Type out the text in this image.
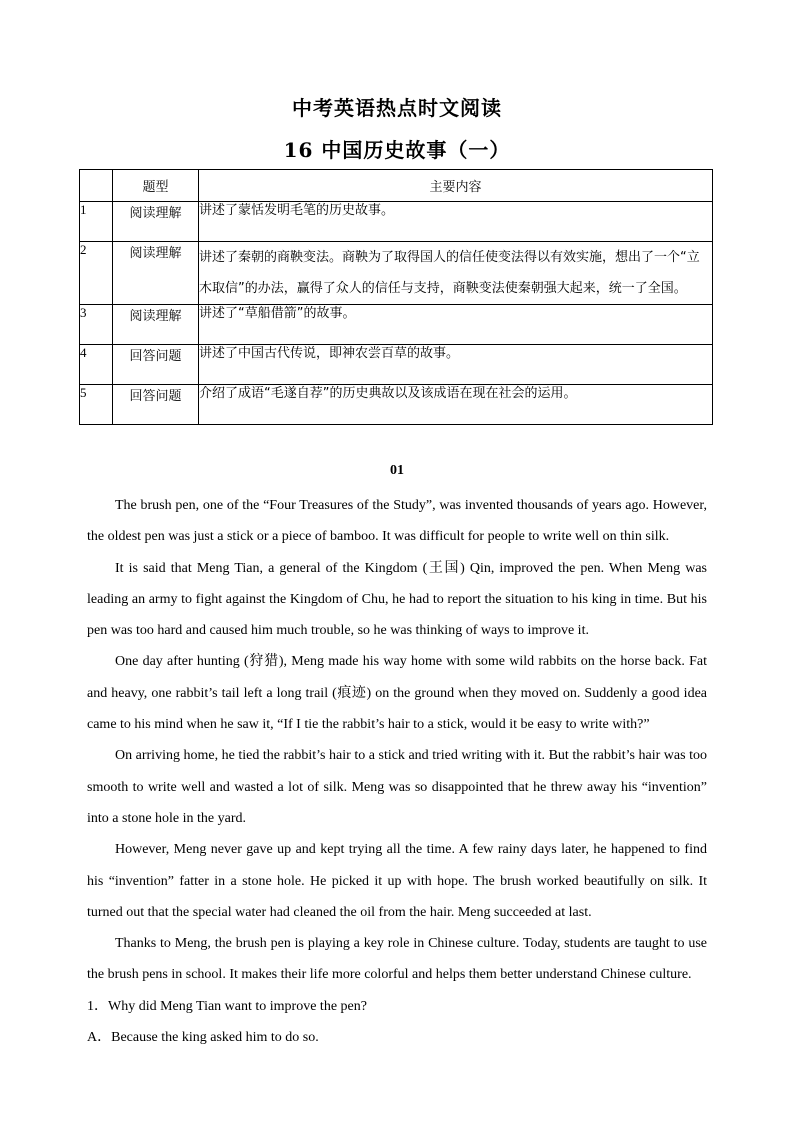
中考英语热点时文阅读
16 中国历史故事（一）
	题型	主要内容
1	阅读理解	讲述了蒙恬发明毛笔的历史故事。
2	阅读理解	讲述了秦朝的商鞅变法。商鞅为了取得国人的信任使变法得以有效实施，想出了一个“立木取信”的办法，赢得了众人的信任与支持，商鞅变法使秦朝强大起来，统一了全国。
3	阅读理解	讲述了“草船借箭”的故事。
4	回答问题	讲述了中国古代传说，即神农尝百草的故事。
5	回答问题	介绍了成语“毛遂自荐”的历史典故以及该成语在现在社会的运用。
01

The brush pen, one of the “Four Treasures of the Study”, was invented thousands of years ago. However, the oldest pen was just a stick or a piece of bamboo. It was difficult for people to write well on thin silk.

It is said that Meng Tian, a general of the Kingdom (王国) Qin, improved the pen. When Meng was leading an army to fight against the Kingdom of Chu, he had to report the situation to his king in time. But his pen was too hard and caused him much trouble, so he was thinking of ways to improve it.

One day after hunting (狩猎), Meng made his way home with some wild rabbits on the horse back. Fat and heavy, one rabbit’s tail left a long trail (痕迹) on the ground when they moved on. Suddenly a good idea came to his mind when he saw it, “If I tie the rabbit’s hair to a stick, would it be easy to write with?”

On arriving home, he tied the rabbit’s hair to a stick and tried writing with it. But the rabbit’s hair was too smooth to write well and wasted a lot of silk. Meng was so disappointed that he threw away his “invention” into a stone hole in the yard.

However, Meng never gave up and kept trying all the time. A few rainy days later, he happened to find his “invention” fatter in a stone hole. He picked it up with hope. The brush worked beautifully on silk. It turned out that the special water had cleaned the oil from the hair. Meng succeeded at last.

Thanks to Meng, the brush pen is playing a key role in Chinese culture. Today, students are taught to use the brush pens in school. It makes their life more colorful and helps them better understand Chinese culture.

1．Why did Meng Tian want to improve the pen?

A．Because the king asked him to do so.
